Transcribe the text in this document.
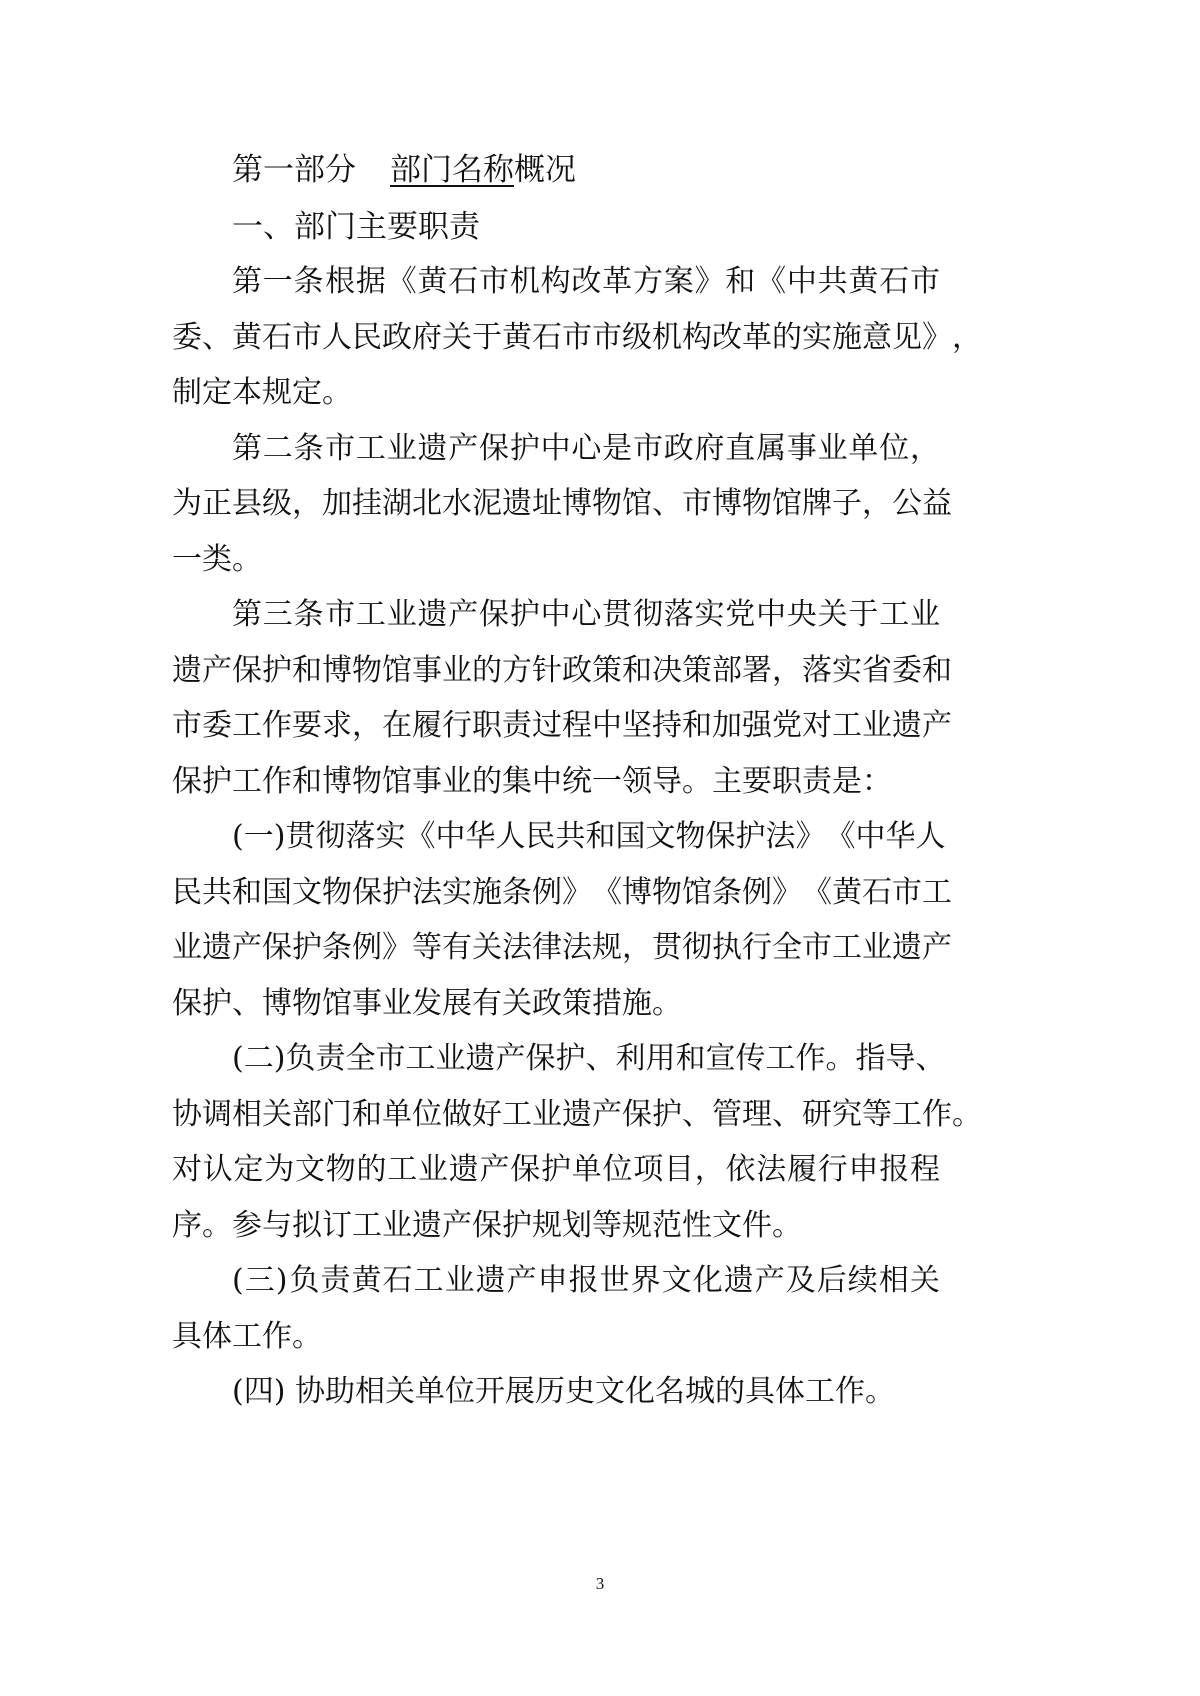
第一部分 部门名称概况
一、部门主要职责
第 一 条 根 据 《 黄 石 市 机 构 改 革 方 案 》 和 《 中 共 黄 石 市
委 、 黄 石 市 人 民 政 府 关 于 黄 石 市 市 级 机 构 改 革 的 实 施 意 见 》 ，
制定本规定。
第 二 条 市 工 业 遗 产 保 护 中 心 是 市 政 府 直 属 事 业 单 位 ，
为 正 县 级 ， 加 挂 湖 北 水 泥 遗 址 博 物 馆 、 市 博 物 馆 牌 子 ， 公 益
一类。
第 三 条 市 工 业 遗 产 保 护 中 心 贯 彻 落 实 党 中 央 关 于 工 业
遗 产 保 护 和 博 物 馆 事 业 的 方 针 政 策 和 决 策 部 署 ， 落 实 省 委 和
市 委 工 作 要 求 ， 在 履 行 职 责 过 程 中 坚 持 和 加 强 党 对 工 业 遗 产
保护工作和博物馆事业的集中统一领导。主要职责是：
( 一 ) 贯 彻 落 实 《 中 华 人 民 共 和 国 文 物 保 护 法 》 《 中 华 人
民 共 和 国 文 物 保 护 法 实 施 条 例 》 《 博 物 馆 条 例 》 《 黄 石 市 工
业 遗 产 保 护 条 例 》 等 有 关 法 律 法 规 ， 贯 彻 执 行 全 市 工 业 遗 产
保护、博物馆事业发展有关政策措施。
( 二 ) 负 责 全 市 工 业 遗 产 保 护 、 利 用 和 宣 传 工 作 。 指 导 、
协 调 相 关 部 门 和 单 位 做 好 工 业 遗 产 保 护 、 管 理 、 研 究 等 工 作 。
对 认 定 为 文 物 的 工 业 遗 产 保 护 单 位 项 目 ， 依 法 履 行 申 报 程
序。参与拟订工业遗产保护规划等规范性文件。
( 三 ) 负 责 黄 石 工 业 遗 产 申 报 世 界 文 化 遗 产 及 后 续 相 关
具体工作。
(四) 协助相关单位开展历史文化名城的具体工作。
3
